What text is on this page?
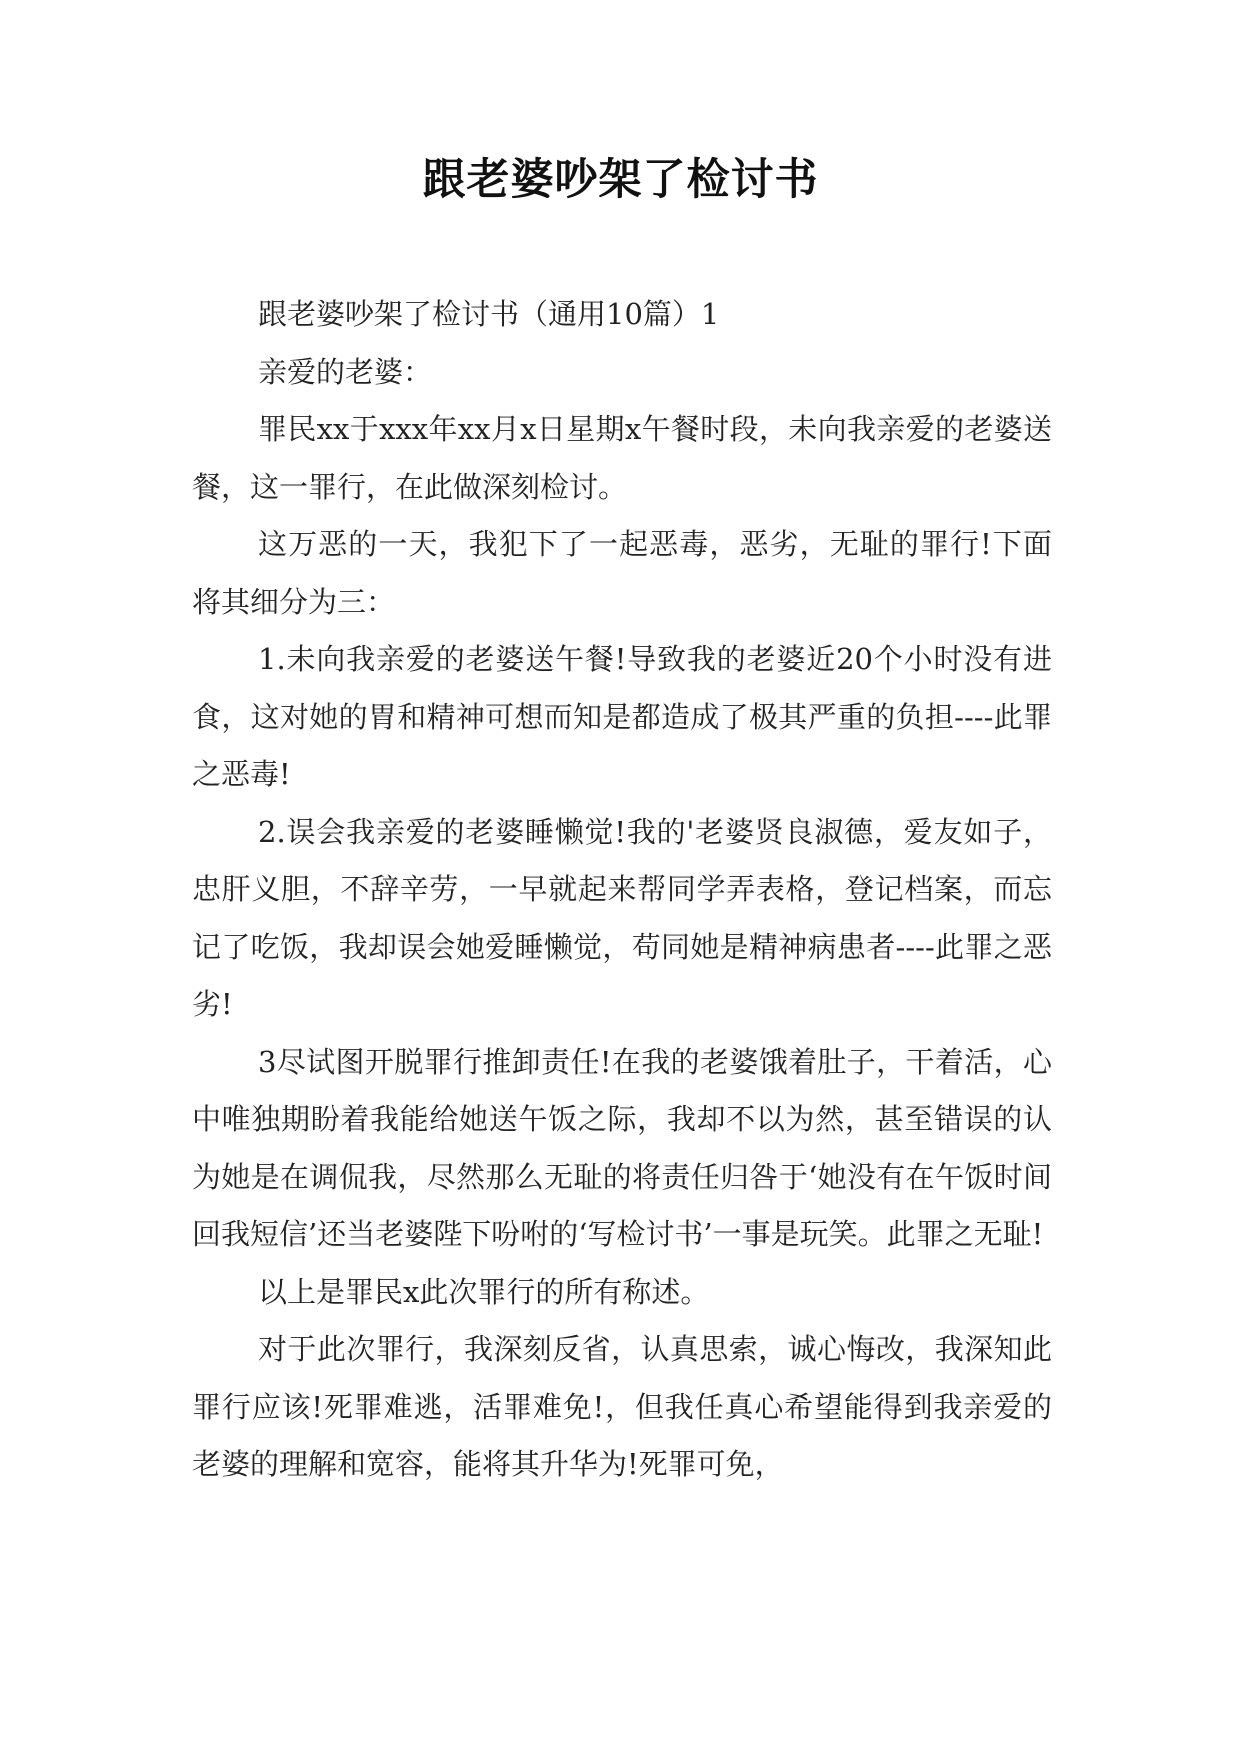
跟老婆吵架了检讨书

跟老婆吵架了检讨书（通用10篇）1

亲爱的老婆：

罪民xx于xxx年xx月x日星期x午餐时段，未向我亲爱的老婆送餐，这一罪行，在此做深刻检讨。

这万恶的一天，我犯下了一起恶毒，恶劣，无耻的罪行!下面将其细分为三：

1.未向我亲爱的老婆送午餐!导致我的老婆近20个小时没有进食，这对她的胃和精神可想而知是都造成了极其严重的负担----此罪之恶毒!

2.误会我亲爱的老婆睡懒觉!我的'老婆贤良淑德，爱友如子，忠肝义胆，不辞辛劳，一早就起来帮同学弄表格，登记档案，而忘记了吃饭，我却误会她爱睡懒觉，苟同她是精神病患者----此罪之恶劣!

3尽试图开脱罪行推卸责任!在我的老婆饿着肚子，干着活，心中唯独期盼着我能给她送午饭之际，我却不以为然，甚至错误的认为她是在调侃我，尽然那么无耻的将责任归咎于‘她没有在午饭时间回我短信’还当老婆陛下吩咐的‘写检讨书’一事是玩笑。此罪之无耻!

以上是罪民x此次罪行的所有称述。

对于此次罪行，我深刻反省，认真思索，诚心悔改，我深知此罪行应该!死罪难逃，活罪难免!，但我任真心希望能得到我亲爱的老婆的理解和宽容，能将其升华为!死罪可免，
